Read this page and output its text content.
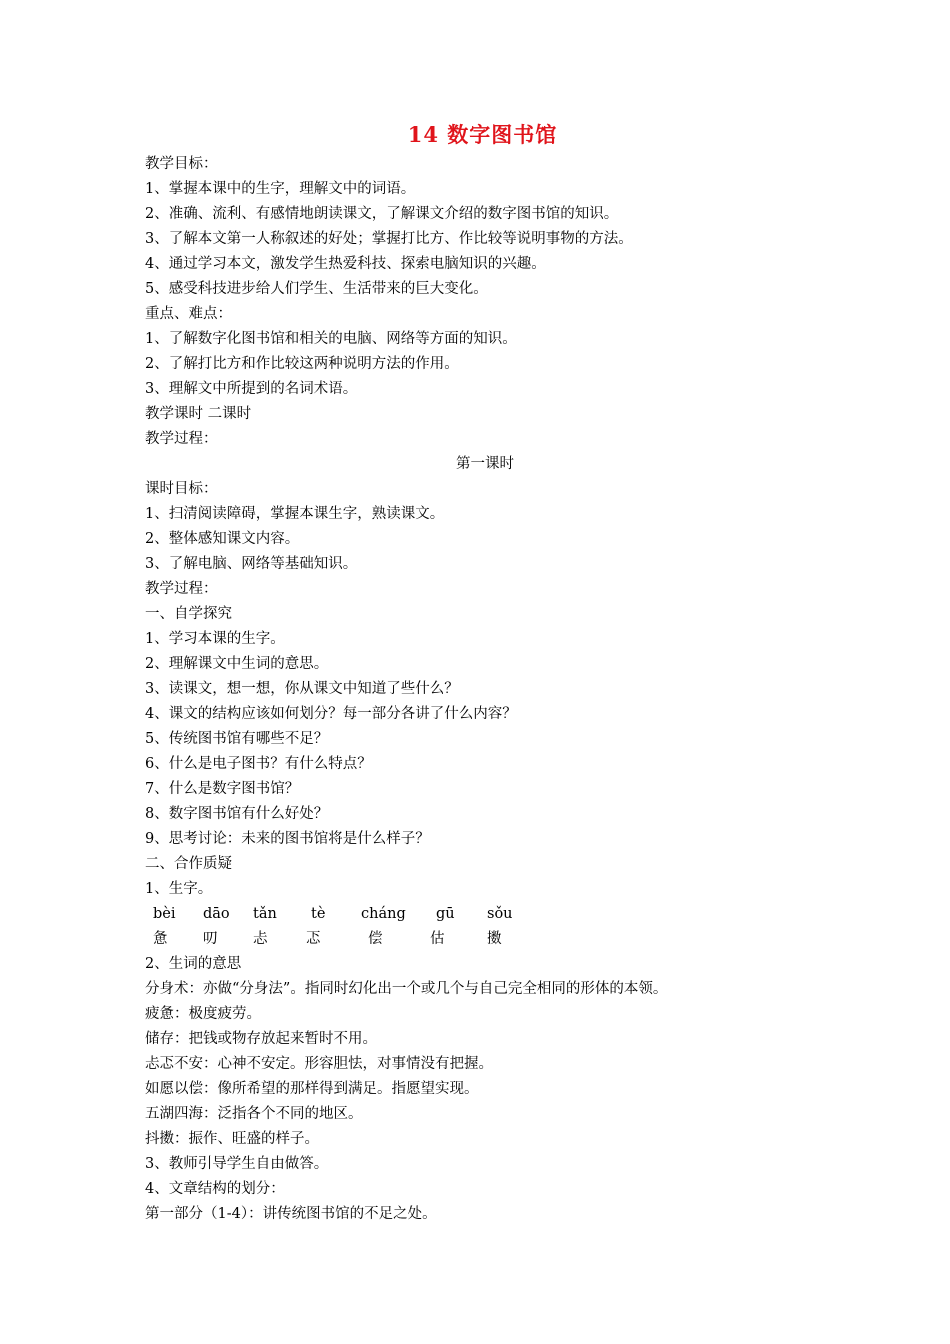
14 数字图书馆
教学目标：
1、掌握本课中的生字，理解文中的词语。
2、准确、流利、有感情地朗读课文，了解课文介绍的数字图书馆的知识。
3、了解本文第一人称叙述的好处；掌握打比方、作比较等说明事物的方法。
4、通过学习本文，激发学生热爱科技、探索电脑知识的兴趣。
5、感受科技进步给人们学生、生活带来的巨大变化。
重点、难点：
1、了解数字化图书馆和相关的电脑、网络等方面的知识。
2、了解打比方和作比较这两种说明方法的作用。
3、理解文中所提到的名词术语。
教学课时 二课时
教学过程：
第一课时
课时目标：
1、扫清阅读障碍，掌握本课生字，熟读课文。
2、整体感知课文内容。
3、了解电脑、网络等基础知识。
教学过程：
一、自学探究
1、学习本课的生字。
2、理解课文中生词的意思。
3、读课文，想一想，你从课文中知道了些什么？
4、课文的结构应该如何划分？每一部分各讲了什么内容？
5、传统图书馆有哪些不足？
6、什么是电子图书？有什么特点？
7、什么是数字图书馆？
8、数字图书馆有什么好处？
9、思考讨论：未来的图书馆将是什么样子？
二、合作质疑
1、生字。
bèi dāo tǎn tè cháng gū sǒu
惫 叨 忐	忑	偿	估	擞
2、生词的意思
分身术：亦做“分身法”。指同时幻化出一个或几个与自己完全相同的形体的本领。
疲惫：极度疲劳。
储存：把钱或物存放起来暂时不用。
忐忑不安：心神不安定。形容胆怯，对事情没有把握。
如愿以偿：像所希望的那样得到满足。指愿望实现。
五湖四海：泛指各个不同的地区。
抖擞：振作、旺盛的样子。
3、教师引导学生自由做答。
4、文章结构的划分：
第一部分（1-4）：讲传统图书馆的不足之处。
